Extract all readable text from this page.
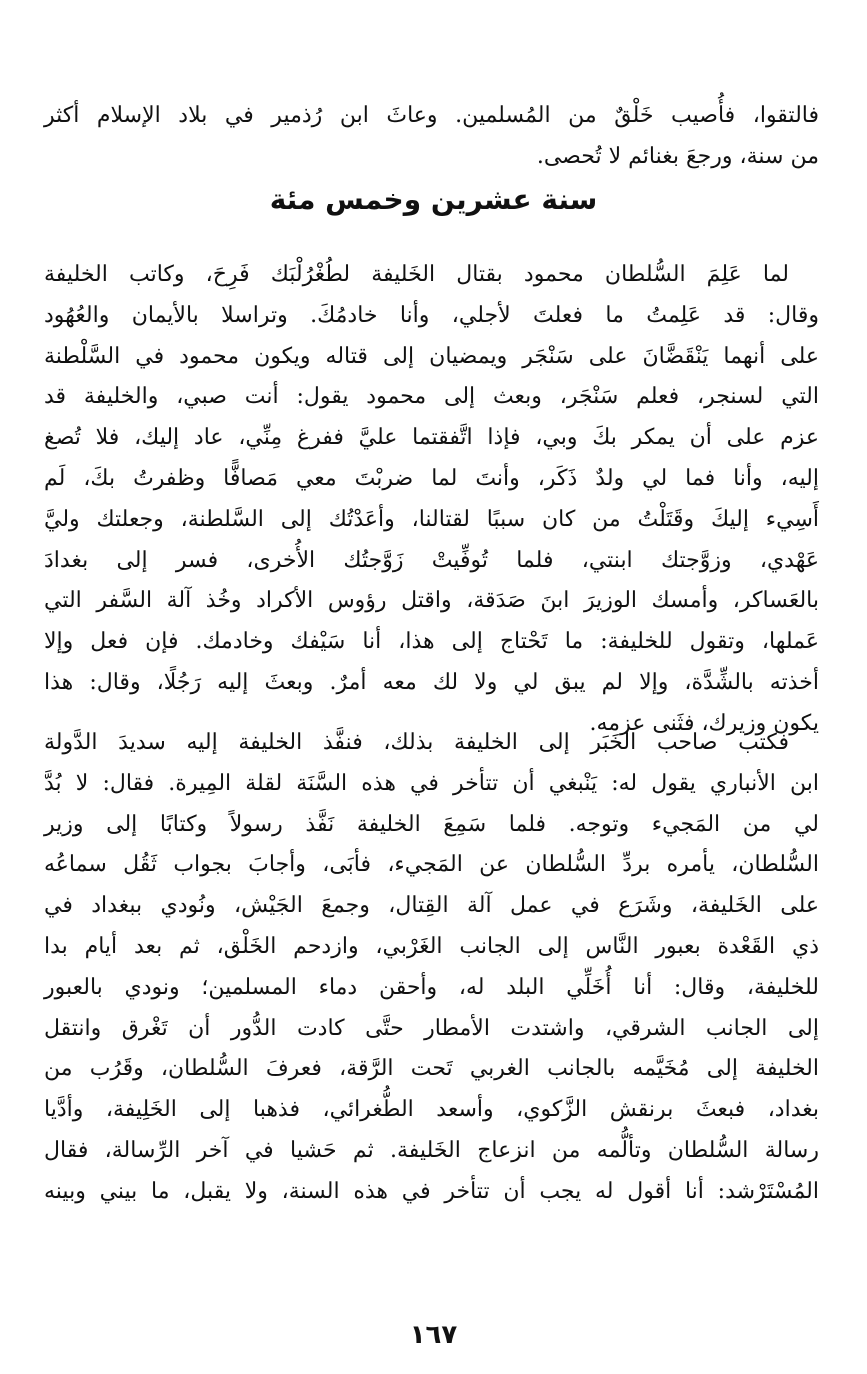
فالتقوا، فأُصيب خَلْقٌ من المُسلمين. وعاثَ ابن رُذمير في بلاد الإسلام أكثر
من سنة، ورجعَ بغنائم لا تُحصى.
سنة عشرين وخمس مئة
لما عَلِمَ السُّلطان محمود بقتال الخَليفة لطُغْرُلْبَك فَرِحَ، وكاتب الخليفة
وقال: قد عَلِمتُ ما فعلتَ لأجلي، وأنا خادمُكَ. وتراسلا بالأيمان والعُهُود
على أنهما يَنْقَضَّانَ على سَنْجَر ويمضيان إلى قتاله ويكون محمود في السَّلْطنة
التي لسنجر، فعلم سَنْجَر، وبعث إلى محمود يقول: أنت صبي، والخليفة قد
عزم على أن يمكر بكَ وبي، فإذا اتَّفقتما عليَّ ففرغ مِنِّي، عاد إليك، فلا تُصغ
إليه، وأنا فما لي ولدٌ ذَكَر، وأنتَ لما ضربْتَ معي مَصافًّا وظفرتُ بكَ، لَم
أَسِيء إليكَ وقَتَلْتُ من كان سببًا لقتالنا، وأعَدْتُك إلى السَّلطنة، وجعلتك وليَّ
عَهْدي، وزوَّجتك ابنتي، فلما تُوفِّيتْ زَوَّجتُك الأُخرى، فسر إلى بغدادَ
بالعَساكر، وأمسك الوزيرَ ابنَ صَدَقة، واقتل رؤوس الأكراد وخُذ آلة السَّفر التي
عَملها، وتقول للخليفة: ما تَحْتاج إلى هذا، أنا سَيْفك وخادمك. فإن فعل وإلا
أخذته بالشِّدَّة، وإلا لم يبق لي ولا لك معه أمرٌ. وبعثَ إليه رَجُلًا، وقال: هذا
يكون وزيرك، فثَنى عزمه.
فكتب صاحب الخَبَر إلى الخليفة بذلك، فنفَّذ الخليفة إليه سديدَ الدَّولة
ابن الأنباري يقول له: يَنْبغي أن تتأخر في هذه السَّنَة لقلة المِيرة. فقال: لا بُدَّ
لي من المَجيء وتوجه. فلما سَمِعَ الخليفة نَفَّذ رسولاً وكتابًا إلى وزير
السُّلطان، يأمره بردِّ السُّلطان عن المَجيء، فأبَى، وأجابَ بجواب ثَقُل سماعُه
على الخَليفة، وشَرَع في عمل آلة القِتال، وجمعَ الجَيْش، ونُودي ببغداد في
ذي القَعْدة بعبور النَّاس إلى الجانب الغَرْبي، وازدحم الخَلْق، ثم بعد أيام بدا
للخليفة، وقال: أنا أُخَلِّي البلد له، وأحقن دماء المسلمين؛ ونودي بالعبور
إلى الجانب الشرقي، واشتدت الأمطار حتَّى كادت الدُّور أن تَغْرق وانتقل
الخليفة إلى مُخَيَّمه بالجانب الغربي تَحت الرَّقة، فعرفَ السُّلطان، وقَرُب من
بغداد، فبعثَ برنقش الزَّكوي، وأسعد الطُّغرائي، فذهبا إلى الخَلِيفة، وأدَّيا
رسالة السُّلطان وتألُّمه من انزعاج الخَليفة. ثم حَشيا في آخر الرِّسالة، فقال
المُسْتَرْشد: أنا أقول له يجب أن تتأخر في هذه السنة، ولا يقبل، ما بيني وبينه
١٦٧
